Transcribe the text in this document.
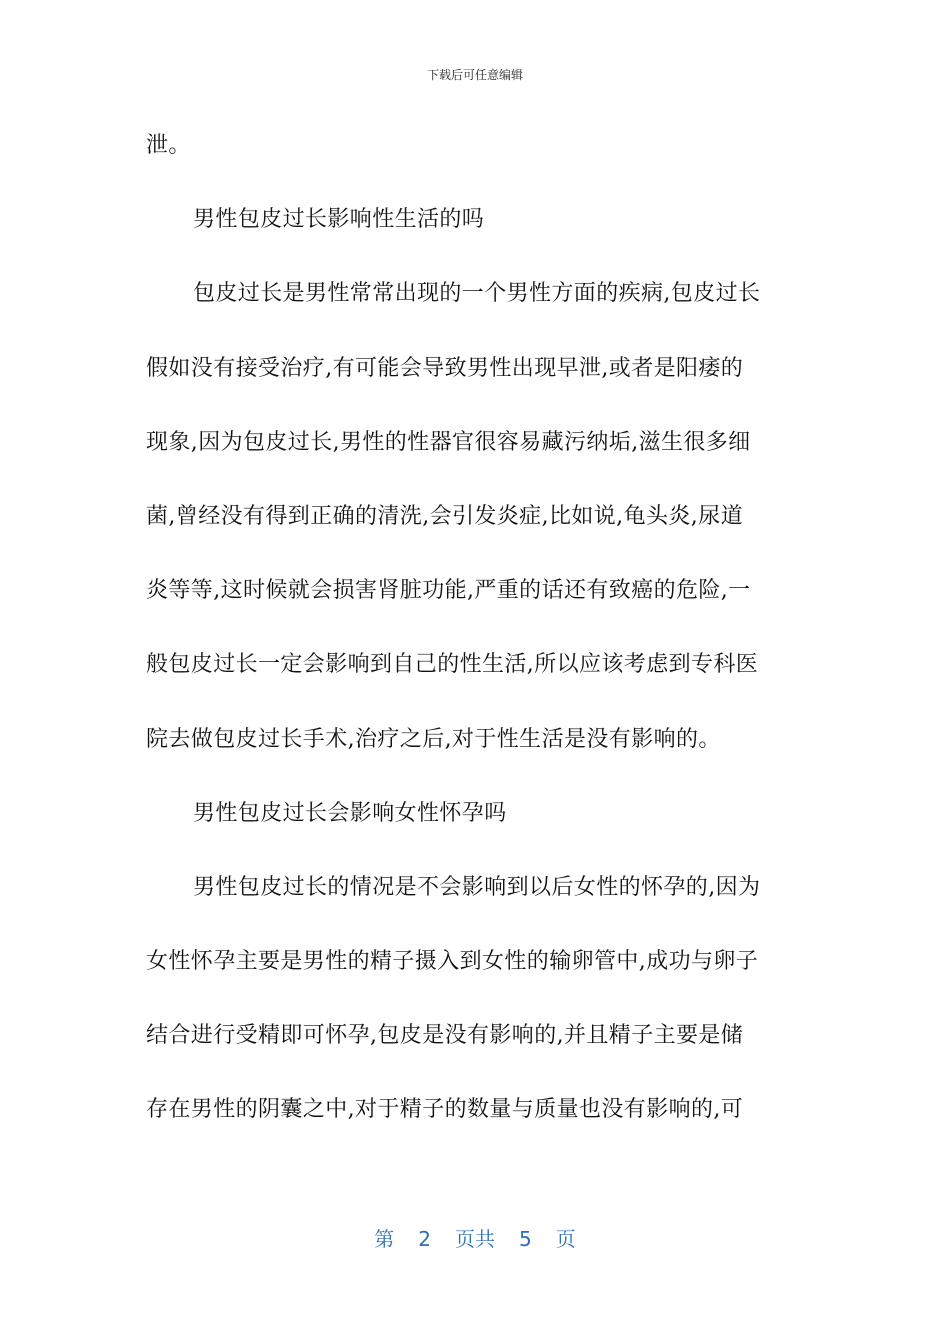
下载后可任意编辑
泄。
男性包皮过长影响性生活的吗
包皮过长是男性常常出现的一个男性方面的疾病,包皮过长
假如没有接受治疗,有可能会导致男性出现早泄,或者是阳痿的
现象,因为包皮过长,男性的性器官很容易藏污纳垢,滋生很多细
菌,曾经没有得到正确的清洗,会引发炎症,比如说,龟头炎,尿道
炎等等,这时候就会损害肾脏功能,严重的话还有致癌的危险,一
般包皮过长一定会影响到自己的性生活,所以应该考虑到专科医
院去做包皮过长手术,治疗之后,对于性生活是没有影响的。
男性包皮过长会影响女性怀孕吗
男性包皮过长的情况是不会影响到以后女性的怀孕的,因为
女性怀孕主要是男性的精子摄入到女性的输卵管中,成功与卵子
结合进行受精即可怀孕,包皮是没有影响的,并且精子主要是储
存在男性的阴囊之中,对于精子的数量与质量也没有影响的,可
第 2 页共 5 页
